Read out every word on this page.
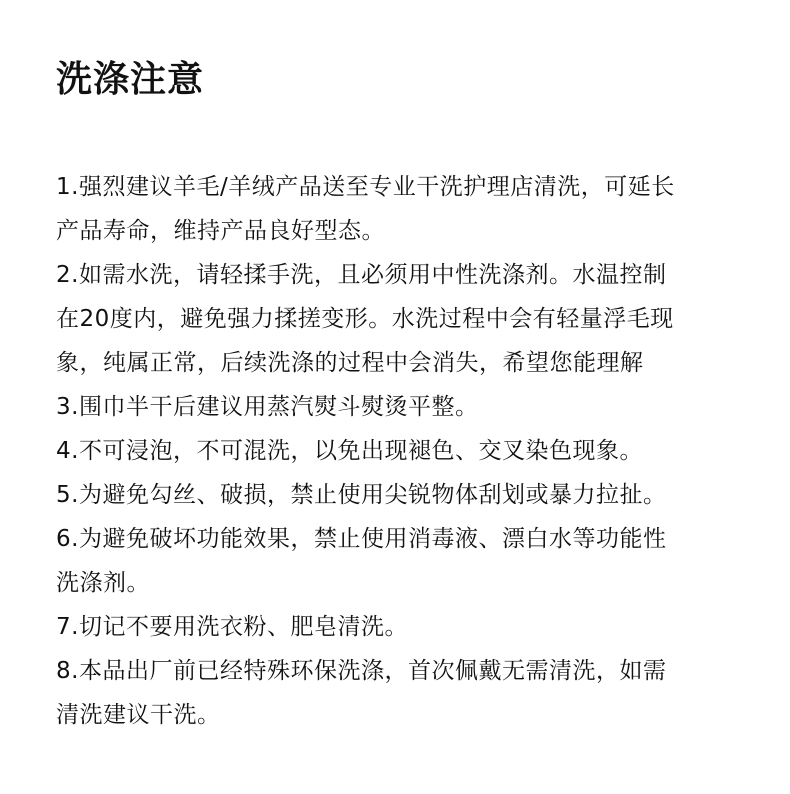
洗涤注意
1.强烈建议羊毛/羊绒产品送至专业干洗护理店清洗，可延长
产品寿命，维持产品良好型态。
2.如需水洗，请轻揉手洗，且必须用中性洗涤剂。水温控制
在20度内，避免强力揉搓变形。水洗过程中会有轻量浮毛现
象，纯属正常，后续洗涤的过程中会消失，希望您能理解
3.围巾半干后建议用蒸汽熨斗熨烫平整。
4.不可浸泡，不可混洗，以免出现褪色、交叉染色现象。
5.为避免勾丝、破损，禁止使用尖锐物体刮划或暴力拉扯。
6.为避免破坏功能效果，禁止使用消毒液、漂白水等功能性
洗涤剂。
7.切记不要用洗衣粉、肥皂清洗。
8.本品出厂前已经特殊环保洗涤，首次佩戴无需清洗，如需
清洗建议干洗。
